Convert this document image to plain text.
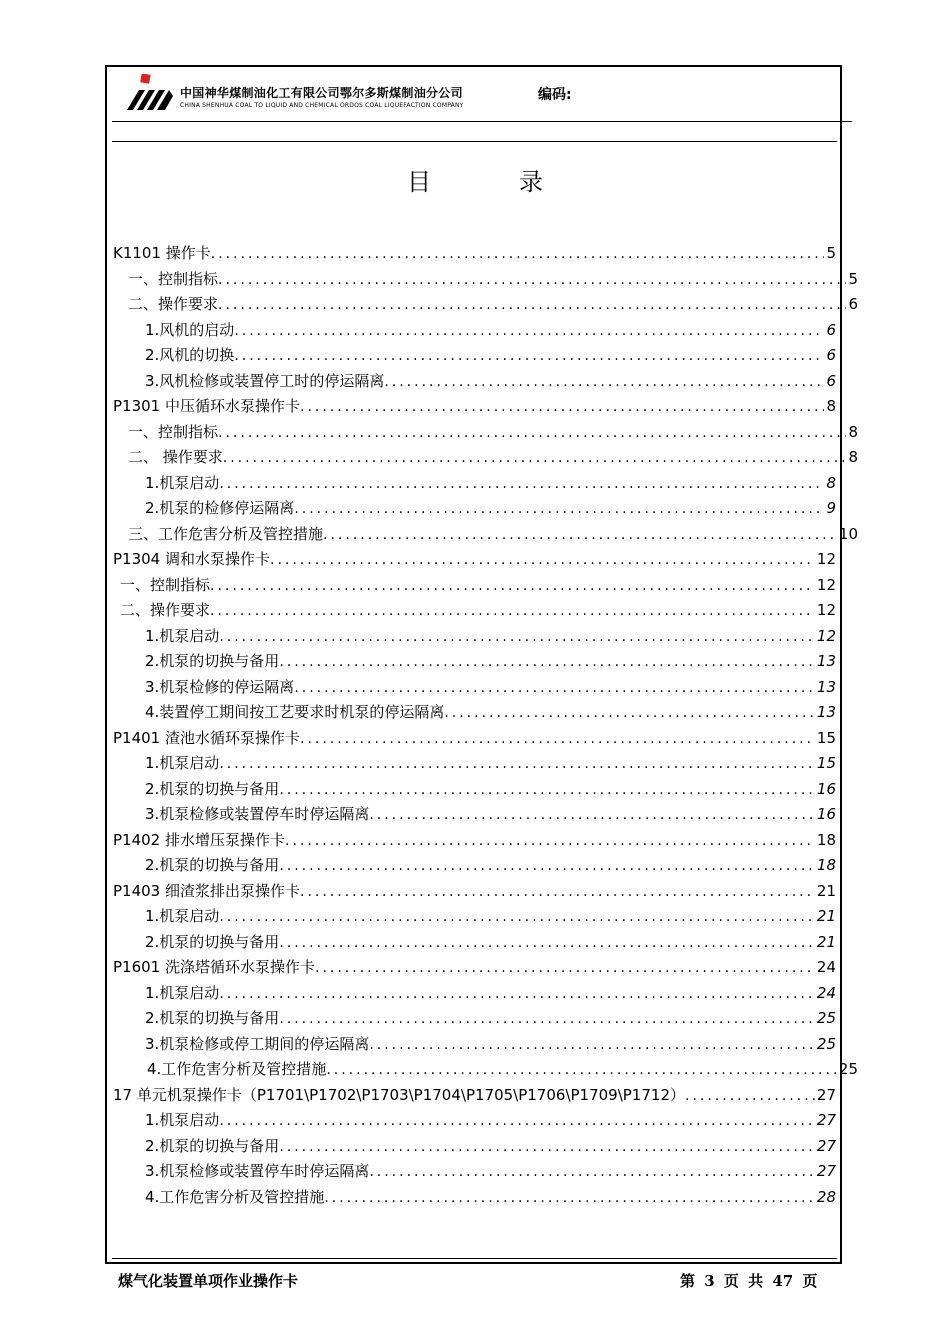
中国神华煤制油化工有限公司鄂尔多斯煤制油分公司
CHINA SHENHUA COAL TO LIQUID AND CHEMICAL ORDOS COAL LIQUEFACTION COMPANY
编码:
目录
K1101 操作卡 .....	5
一、控制指标 .....	5
二、操作要求 .....	6
1.风机的启动 .....	6
2.风机的切换 .....	6
3.风机检修或装置停工时的停运隔离 .....	6
P1301 中压循环水泵操作卡 .....	8
一、控制指标 .....	8
二、 操作要求 .....	8
1.机泵启动 .....	8
2.机泵的检修停运隔离 .....	9
三、工作危害分析及管控措施 .....	10
P1304 调和水泵操作卡 .....	12
一、控制指标 .....	12
二、操作要求 .....	12
1.机泵启动 .....	12
2.机泵的切换与备用 .....	13
3.机泵检修的停运隔离 .....	13
4.装置停工期间按工艺要求时机泵的停运隔离 .....	13
P1401 渣池水循环泵操作卡 .....	15
1.机泵启动 .....	15
2.机泵的切换与备用 .....	16
3.机泵检修或装置停车时停运隔离 .....	16
P1402 排水增压泵操作卡 .....	18
2.机泵的切换与备用 .....	18
P1403 细渣浆排出泵操作卡 .....	21
1.机泵启动 .....	21
2.机泵的切换与备用 .....	21
P1601 洗涤塔循环水泵操作卡 .....	24
1.机泵启动 .....	24
2.机泵的切换与备用 .....	25
3.机泵检修或停工期间的停运隔离 .....	25
4.工作危害分析及管控措施 .....	25
17 单元机泵操作卡（P1701\P1702\P1703\P1704\P1705\P1706\P1709\P1712） .....	27
1.机泵启动 .....	27
2.机泵的切换与备用 .....	27
3.机泵检修或装置停车时停运隔离 .....	27
4.工作危害分析及管控措施 .....	28
煤气化装置单项作业操作卡	第 3 页 共 47 页
